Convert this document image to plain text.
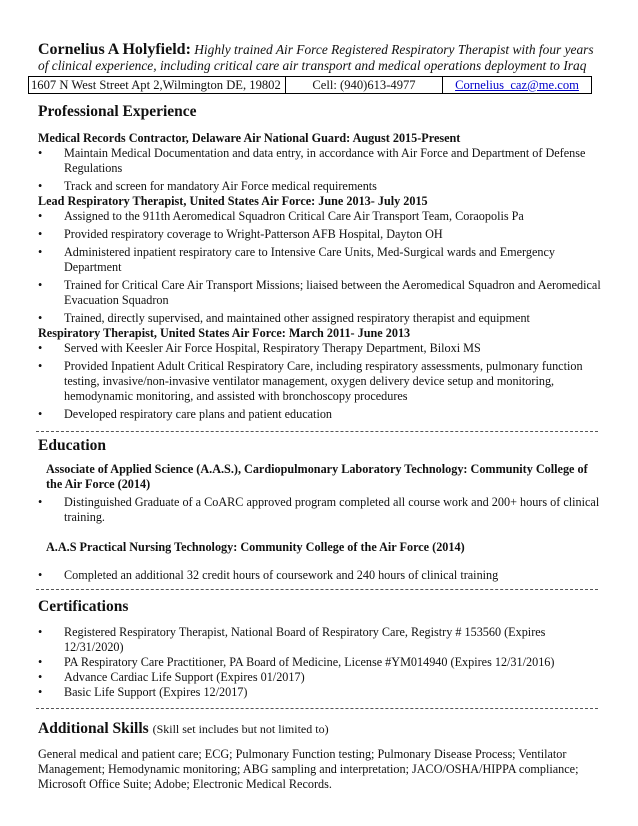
Cornelius A Holyfield: Highly trained Air Force Registered Respiratory Therapist with four years of clinical experience, including critical care air transport and medical operations deployment to Iraq
1607 N West Street Apt 2,Wilmington DE, 19802	Cell: (940)613-4977	Cornelius_caz@me.com
Professional Experience
Medical Records Contractor, Delaware Air National Guard: August 2015-Present
• Maintain Medical Documentation and data entry, in accordance with Air Force and Department of Defense Regulations
• Track and screen for mandatory Air Force medical requirements
Lead Respiratory Therapist, United States Air Force: June 2013- July 2015
• Assigned to the 911th Aeromedical Squadron Critical Care Air Transport Team, Coraopolis Pa
• Provided respiratory coverage to Wright-Patterson AFB Hospital, Dayton OH
• Administered inpatient respiratory care to Intensive Care Units, Med-Surgical wards and Emergency Department
• Trained for Critical Care Air Transport Missions; liaised between the Aeromedical Squadron and Aeromedical Evacuation Squadron
• Trained, directly supervised, and maintained other assigned respiratory therapist and equipment
Respiratory Therapist, United States Air Force: March 2011- June 2013
• Served with Keesler Air Force Hospital, Respiratory Therapy Department, Biloxi MS
• Provided Inpatient Adult Critical Respiratory Care, including respiratory assessments, pulmonary function testing, invasive/non-invasive ventilator management, oxygen delivery device setup and monitoring, hemodynamic monitoring, and assisted with bronchoscopy procedures
• Developed respiratory care plans and patient education
Education
Associate of Applied Science (A.A.S.), Cardiopulmonary Laboratory Technology: Community College of the Air Force (2014)
• Distinguished Graduate of a CoARC approved program completed all course work and 200+ hours of clinical training.
A.A.S Practical Nursing Technology: Community College of the Air Force (2014)
• Completed an additional 32 credit hours of coursework and 240 hours of clinical training
Certifications
• Registered Respiratory Therapist, National Board of Respiratory Care, Registry # 153560 (Expires 12/31/2020)
• PA Respiratory Care Practitioner, PA Board of Medicine, License #YM014940 (Expires 12/31/2016)
• Advance Cardiac Life Support (Expires 01/2017)
• Basic Life Support (Expires 12/2017)
Additional Skills (Skill set includes but not limited to)
General medical and patient care; ECG; Pulmonary Function testing; Pulmonary Disease Process; Ventilator Management; Hemodynamic monitoring; ABG sampling and interpretation; JACO/OSHA/HIPPA compliance; Microsoft Office Suite; Adobe; Electronic Medical Records.
